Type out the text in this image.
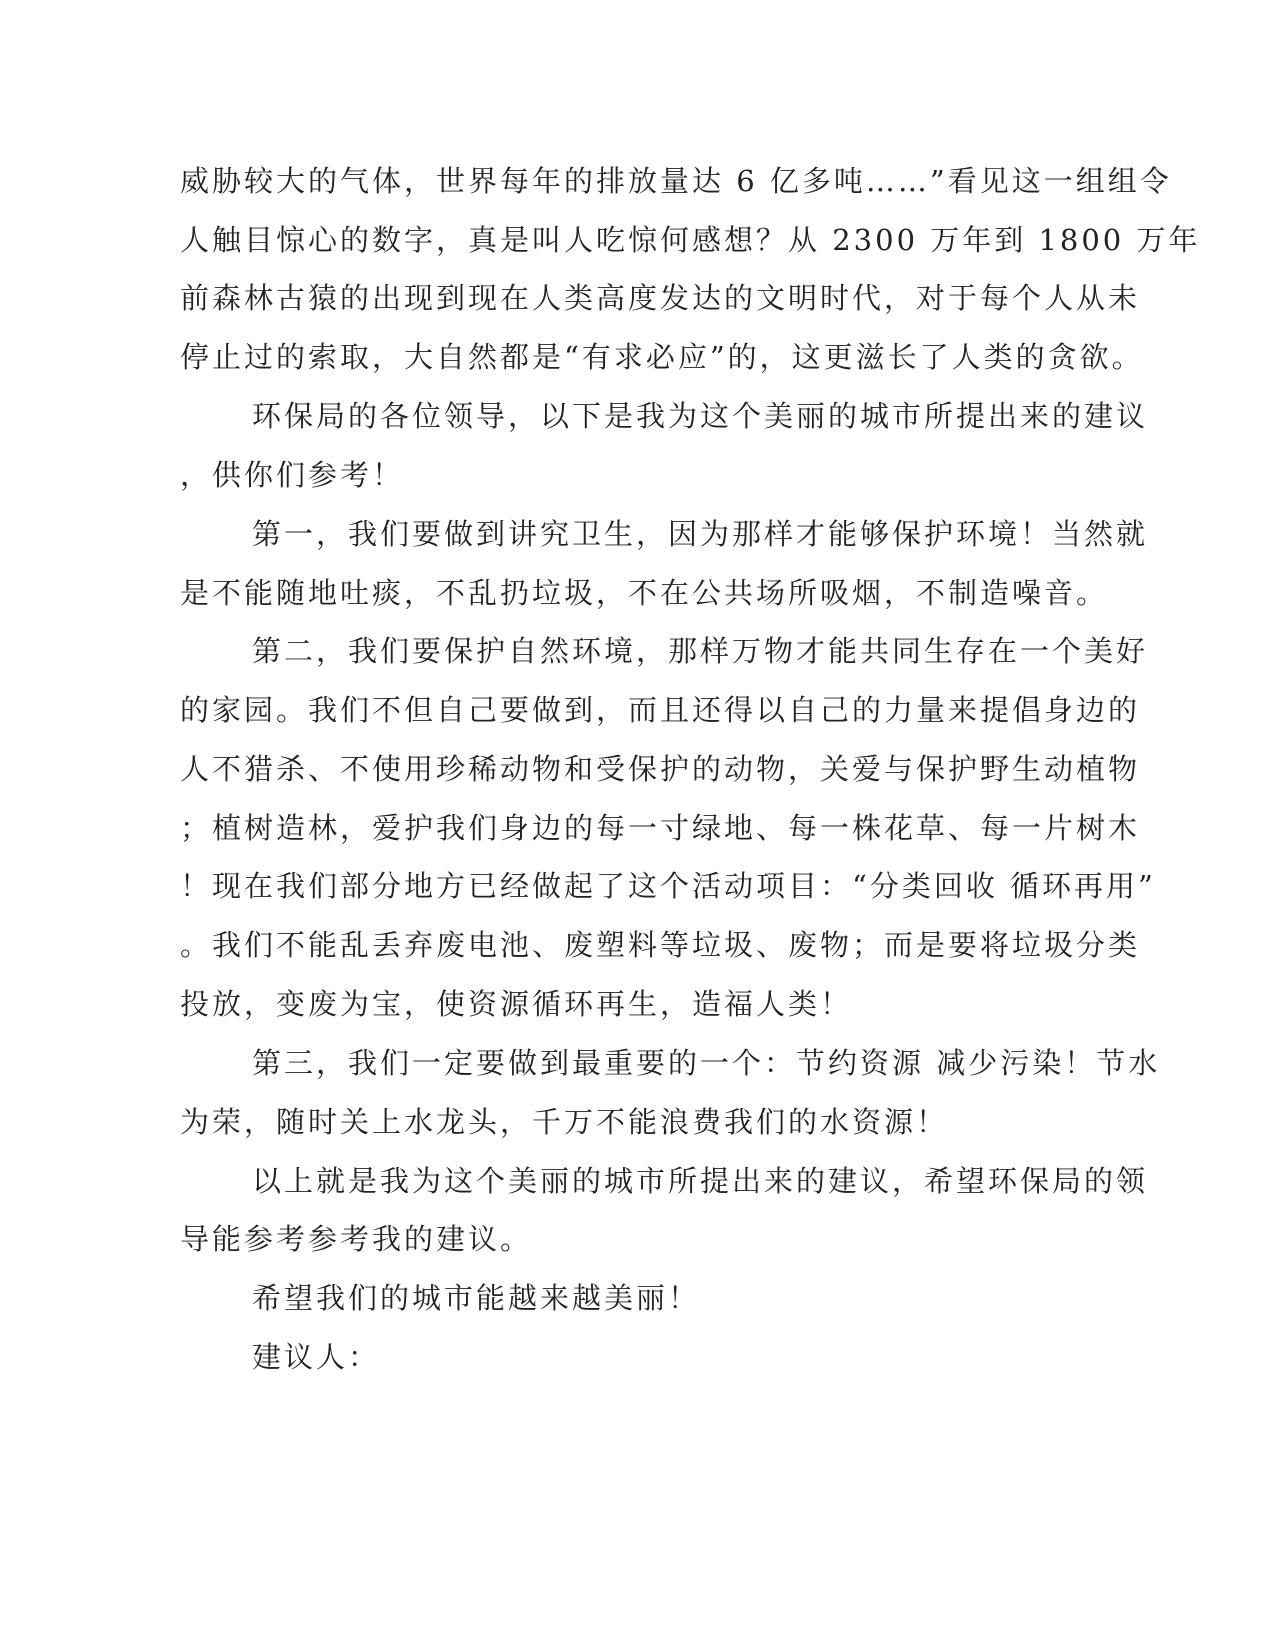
威胁较大的气体，世界每年的排放量达 6 亿多吨……”看见这一组组令
人触目惊心的数字，真是叫人吃惊何感想？从 2300 万年到 1800 万年
前森林古猿的出现到现在人类高度发达的文明时代，对于每个人从未
停止过的索取，大自然都是“有求必应”的，这更滋长了人类的贪欲。
环保局的各位领导，以下是我为这个美丽的城市所提出来的建议
，供你们参考！
第一，我们要做到讲究卫生，因为那样才能够保护环境！当然就
是不能随地吐痰，不乱扔垃圾，不在公共场所吸烟，不制造噪音。
第二，我们要保护自然环境，那样万物才能共同生存在一个美好
的家园。我们不但自己要做到，而且还得以自己的力量来提倡身边的
人不猎杀、不使用珍稀动物和受保护的动物，关爱与保护野生动植物
；植树造林，爱护我们身边的每一寸绿地、每一株花草、每一片树木
！现在我们部分地方已经做起了这个活动项目：“分类回收 循环再用”
。我们不能乱丢弃废电池、废塑料等垃圾、废物；而是要将垃圾分类
投放，变废为宝，使资源循环再生，造福人类！
第三，我们一定要做到最重要的一个：节约资源 减少污染！节水
为荣，随时关上水龙头，千万不能浪费我们的水资源！
以上就是我为这个美丽的城市所提出来的建议，希望环保局的领
导能参考参考我的建议。
希望我们的城市能越来越美丽！
建议人：
